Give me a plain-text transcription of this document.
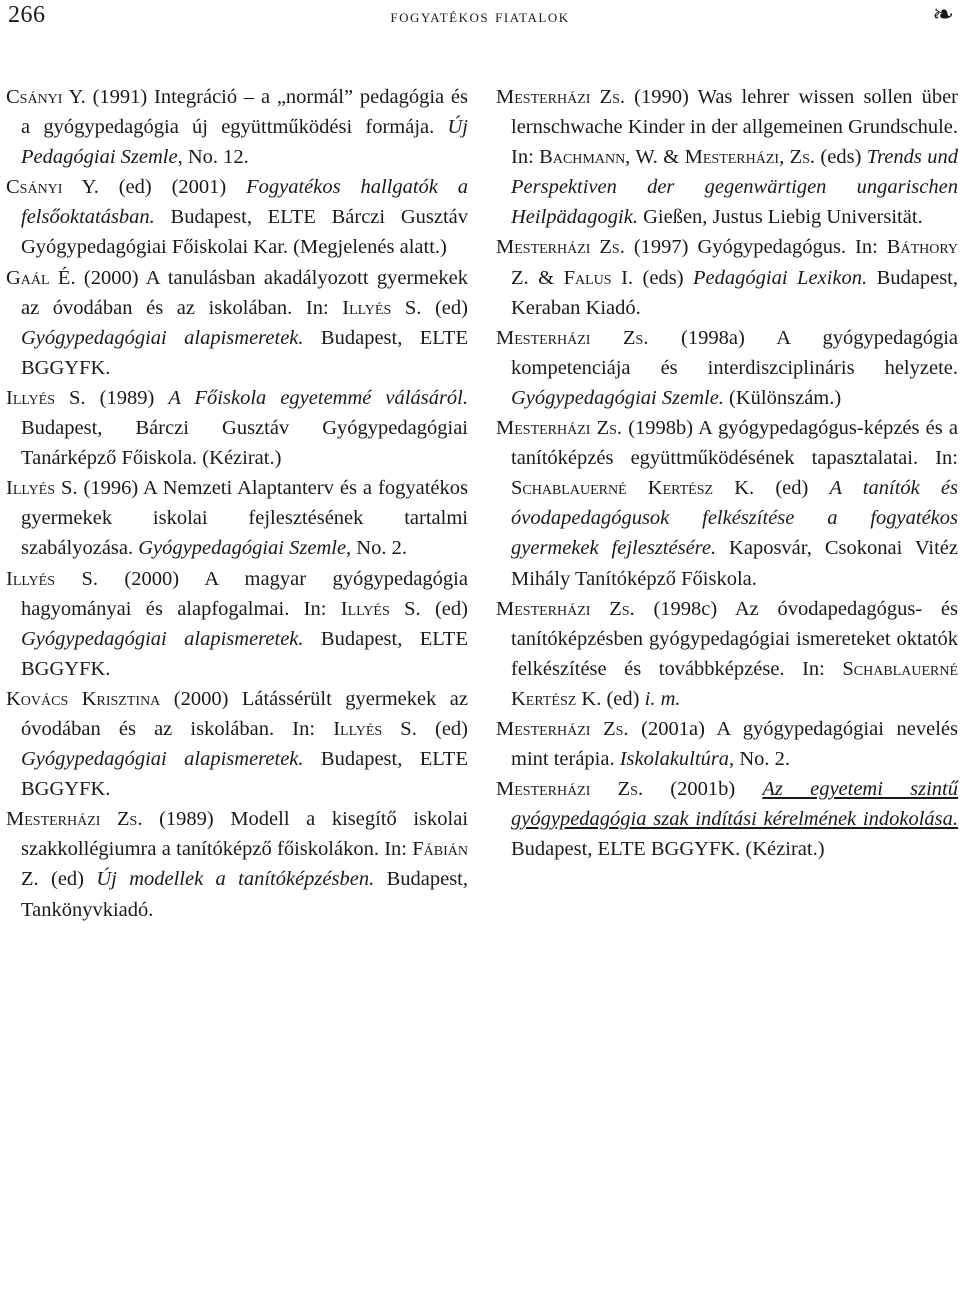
266	fogyatékos fiatalok	❧

Csányi Y. (1991) Integráció – a „normál” pedagógia és a gyógypedagógia új együttműködési formája. Új Pedagógiai Szemle, No. 12.

Csányi Y. (ed) (2001) Fogyatékos hallgatók a felsőoktatásban. Budapest, ELTE Bárczi Gusztáv Gyógypedagógiai Főiskolai Kar. (Megjelenés alatt.)

Gaál É. (2000) A tanulásban akadályozott gyermekek az óvodában és az iskolában. In: Illyés S. (ed) Gyógypedagógiai alapismeretek. Budapest, ELTE BGGYFK.

Illyés S. (1989) A Főiskola egyetemmé válásáról. Budapest, Bárczi Gusztáv Gyógypedagógiai Tanárképző Főiskola. (Kézirat.)

Illyés S. (1996) A Nemzeti Alaptanterv és a fogyatékos gyermekek iskolai fejlesztésének tartalmi szabályozása. Gyógypedagógiai Szemle, No. 2.

Illyés S. (2000) A magyar gyógypedagógia hagyományai és alapfogalmai. In: Illyés S. (ed) Gyógypedagógiai alapismeretek. Budapest, ELTE BGGYFK.

Kovács Krisztina (2000) Látássérült gyermekek az óvodában és az iskolában. In: Illyés S. (ed) Gyógypedagógiai alapismeretek. Budapest, ELTE BGGYFK.

Mesterházi Zs. (1989) Modell a kisegítő iskolai szakkollégiumra a tanítóképző főiskolákon. In: Fábián Z. (ed) Új modellek a tanítóképzésben. Budapest, Tankönyvkiadó.

Mesterházi Zs. (1990) Was lehrer wissen sollen über lernschwache Kinder in der allgemeinen Grundschule. In: Bachmann, W. & Mesterházi, Zs. (eds) Trends und Perspektiven der gegenwärtigen ungarischen Heilpädagogik. Gießen, Justus Liebig Universität.

Mesterházi Zs. (1997) Gyógypedagógus. In: Báthory Z. & Falus I. (eds) Pedagógiai Lexikon. Budapest, Keraban Kiadó.

Mesterházi Zs. (1998a) A gyógypedagógia kompetenciája és interdiszciplináris helyzete. Gyógypedagógiai Szemle. (Különszám.)

Mesterházi Zs. (1998b) A gyógypedagógus-képzés és a tanítóképzés együttműködésének tapasztalatai. In: Schablauerné Kertész K. (ed) A tanítók és óvodapedagógusok felkészítése a fogyatékos gyermekek fejlesztésére. Kaposvár, Csokonai Vitéz Mihály Tanítóképző Főiskola.

Mesterházi Zs. (1998c) Az óvodapedagógus- és tanítóképzésben gyógypedagógiai ismereteket oktatók felkészítése és továbbképzése. In: Schablauerné Kertész K. (ed) i. m.

Mesterházi Zs. (2001a) A gyógypedagógiai nevelés mint terápia. Iskolakultúra, No. 2.

Mesterházi Zs. (2001b) Az egyetemi szintű gyógypedagógia szak indítási kérelmének indokolása. Budapest, ELTE BGGYFK. (Kézirat.)
